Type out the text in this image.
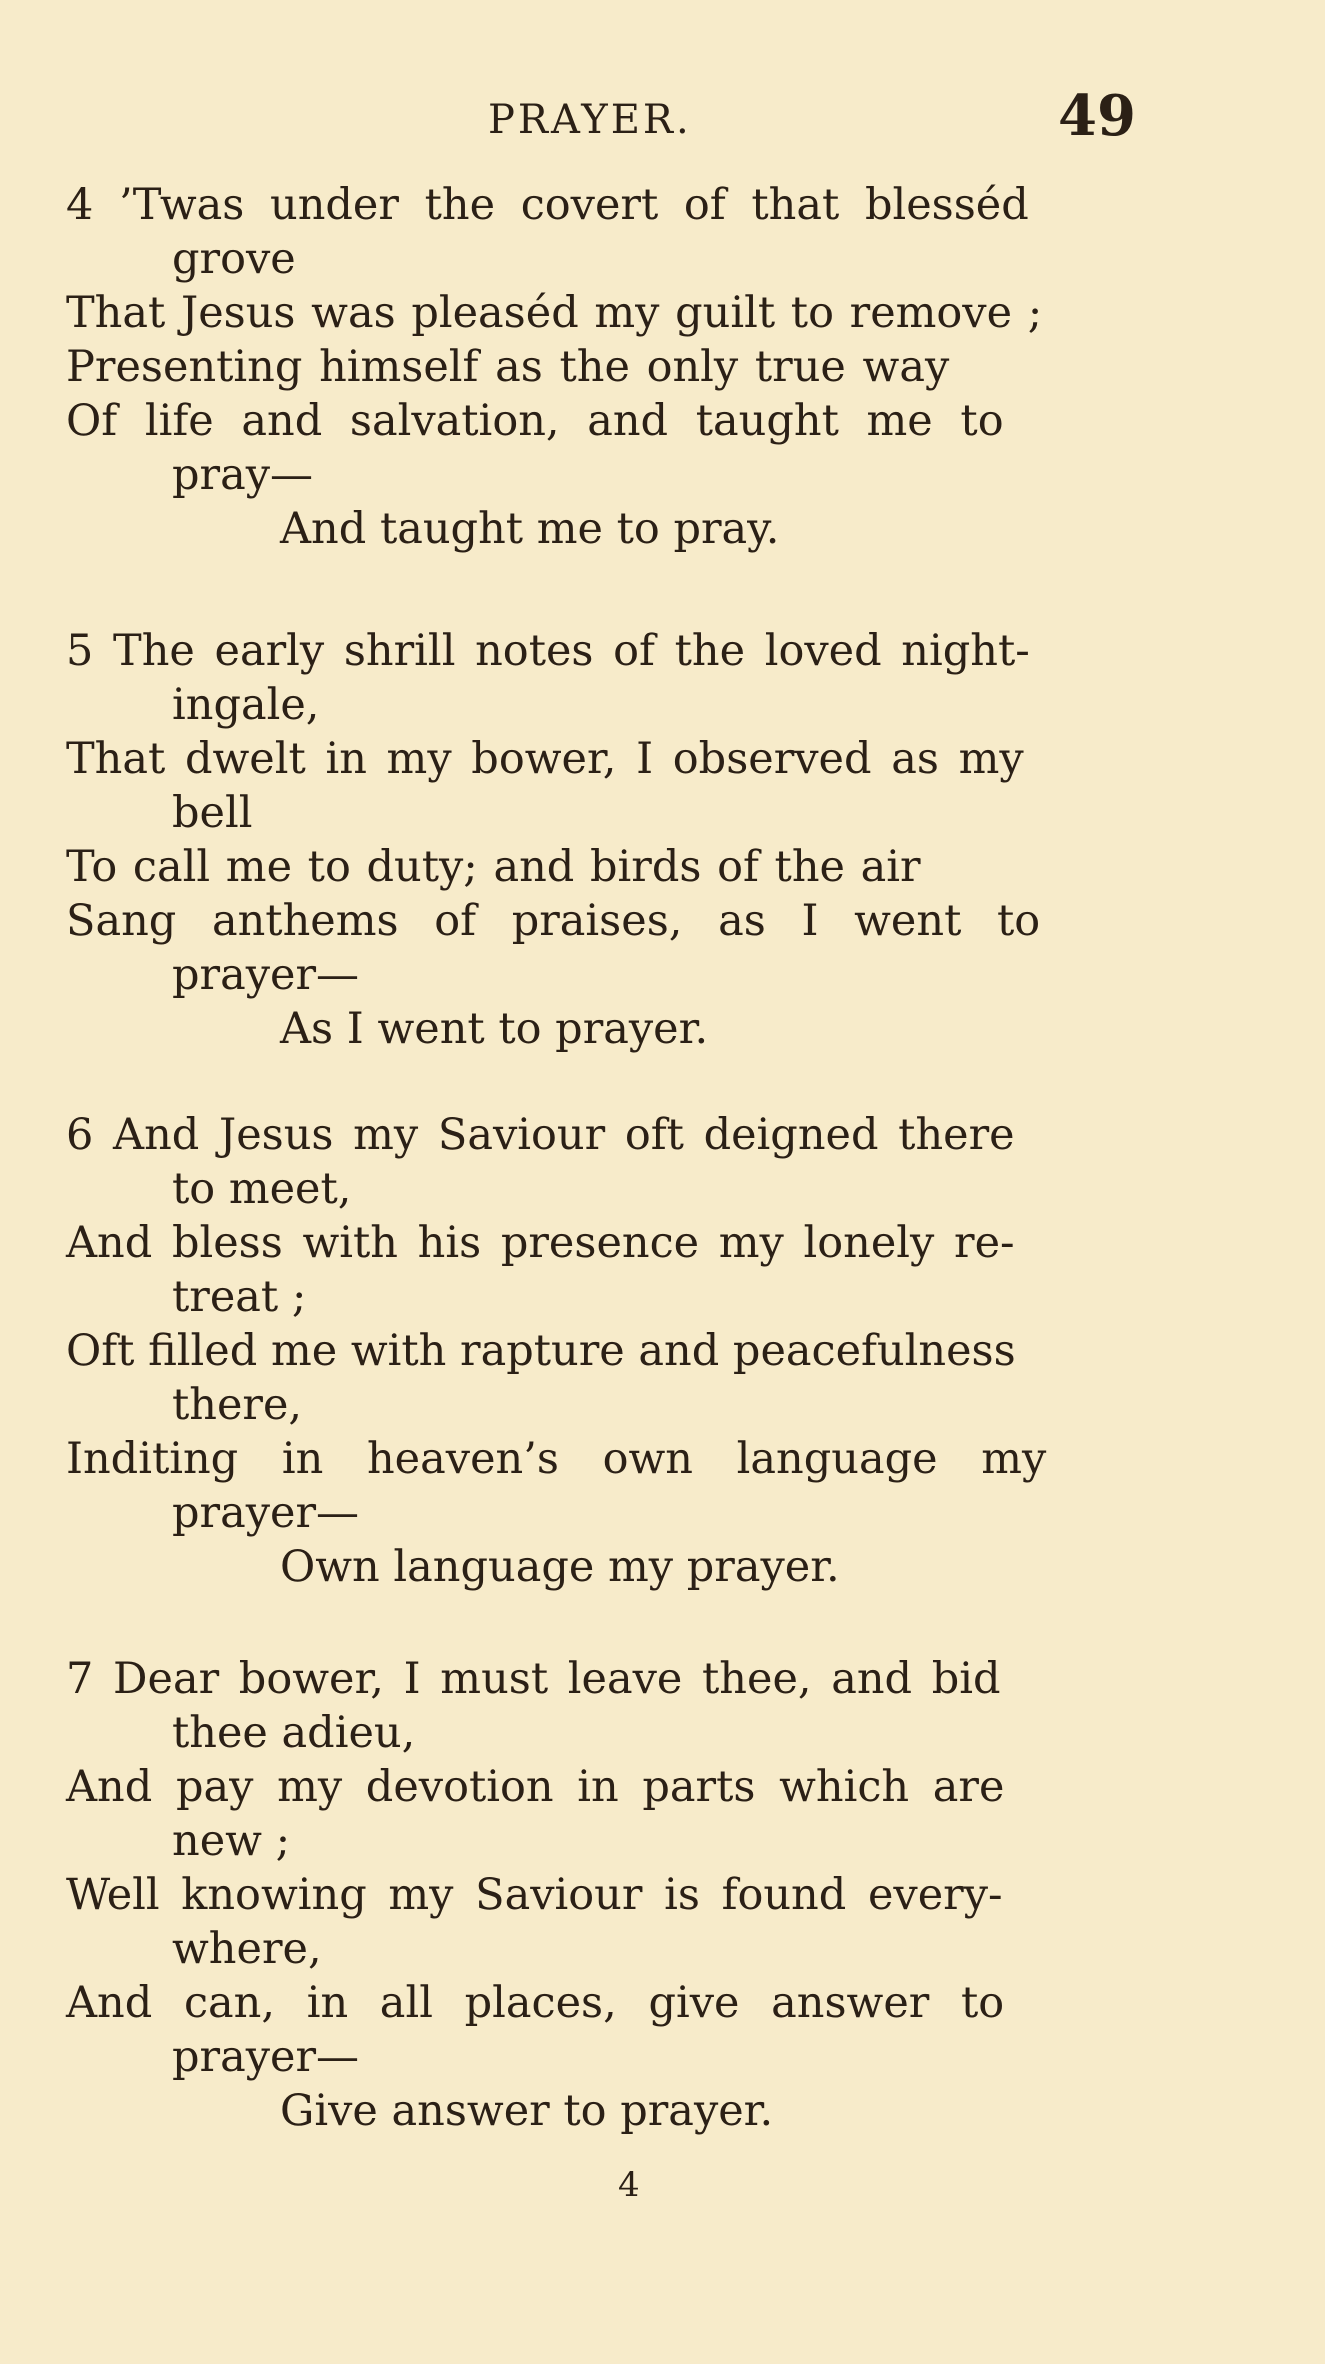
PRAYER.	49
4 ’Twas under the covert of that blesséd
grove
That Jesus was pleaséd my guilt to remove ;
Presenting himself as the only true way
Of life and salvation, and taught me to
pray—
And taught me to pray.
5 The early shrill notes of the loved night-
ingale,
That dwelt in my bower, I observed as my
bell
To call me to duty; and birds of the air
Sang anthems of praises, as I went to
prayer—
As I went to prayer.
6 And Jesus my Saviour oft deigned there
to meet,
And bless with his presence my lonely re-
treat ;
Oft filled me with rapture and peacefulness
there,
Inditing in heaven’s own language my
prayer—
Own language my prayer.
7 Dear bower, I must leave thee, and bid
thee adieu,
And pay my devotion in parts which are
new ;
Well knowing my Saviour is found every-
where,
And can, in all places, give answer to
prayer—
Give answer to prayer.
4
